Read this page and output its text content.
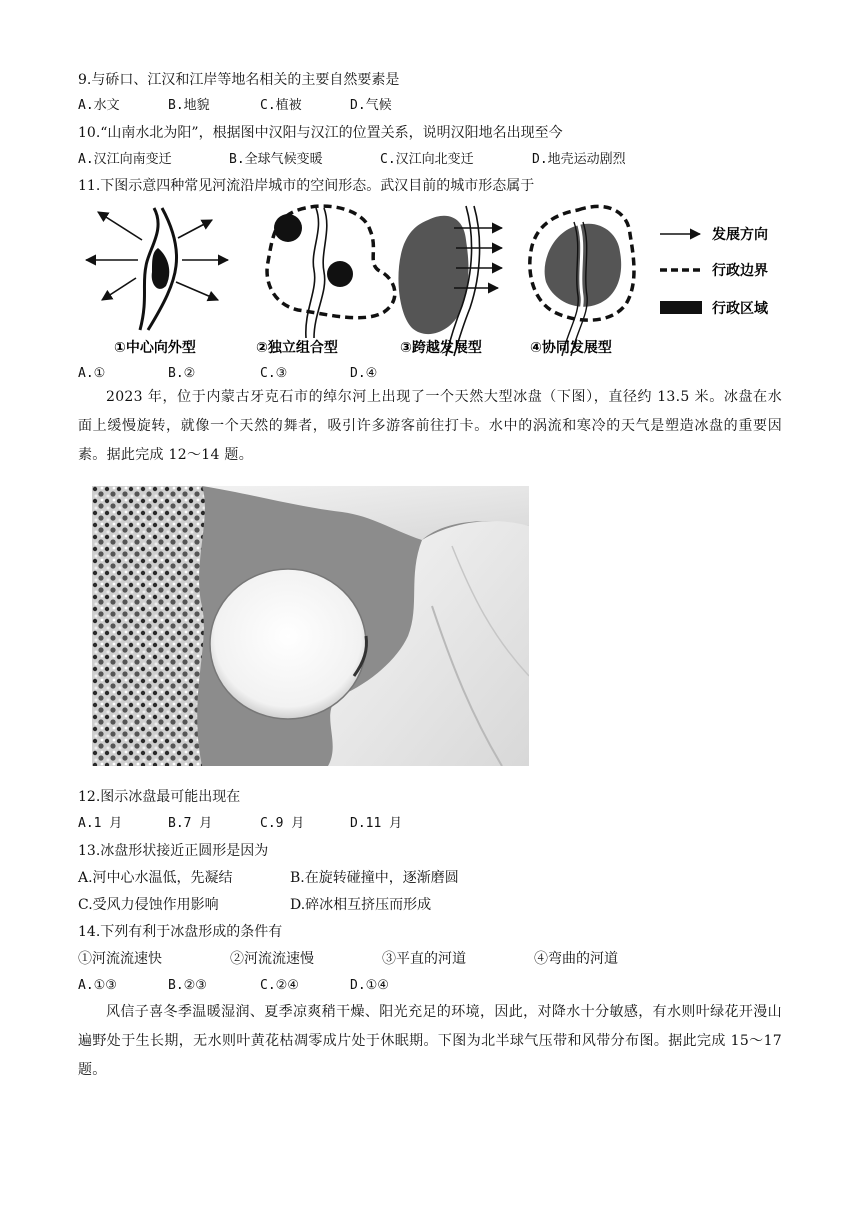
9.与硚口、江汉和江岸等地名相关的主要自然要素是
A.水文	B.地貌	C.植被	D.气候
10.“山南水北为阳”，根据图中汉阳与汉江的位置关系，说明汉阳地名出现至今
A.汉江向南变迁	B.全球气候变暖	C.汉江向北变迁	D.地壳运动剧烈
11.下图示意四种常见河流沿岸城市的空间形态。武汉目前的城市形态属于
①中心向外型	②独立组合型	③跨越发展型	④协同发展型
发展方向
行政边界
行政区域
A.①	B.②	C.③	D.④
2023 年，位于内蒙古牙克石市的绰尔河上出现了一个天然大型冰盘（下图），直径约 13.5 米。冰盘在水面上缓慢旋转，就像一个天然的舞者，吸引许多游客前往打卡。水中的涡流和寒冷的天气是塑造冰盘的重要因素。据此完成 12～14 题。
12.图示冰盘最可能出现在
A.1 月	B.7 月	C.9 月	D.11 月
13.冰盘形状接近正圆形是因为
A.河中心水温低，先凝结	B.在旋转碰撞中，逐渐磨圆
C.受风力侵蚀作用影响	D.碎冰相互挤压而形成
14.下列有利于冰盘形成的条件有
①河流流速快	②河流流速慢	③平直的河道	④弯曲的河道
A.①③	B.②③	C.②④	D.①④
风信子喜冬季温暖湿润、夏季凉爽稍干燥、阳光充足的环境，因此，对降水十分敏感，有水则叶绿花开漫山遍野处于生长期，无水则叶黄花枯凋零成片处于休眠期。下图为北半球气压带和风带分布图。据此完成 15～17 题。
